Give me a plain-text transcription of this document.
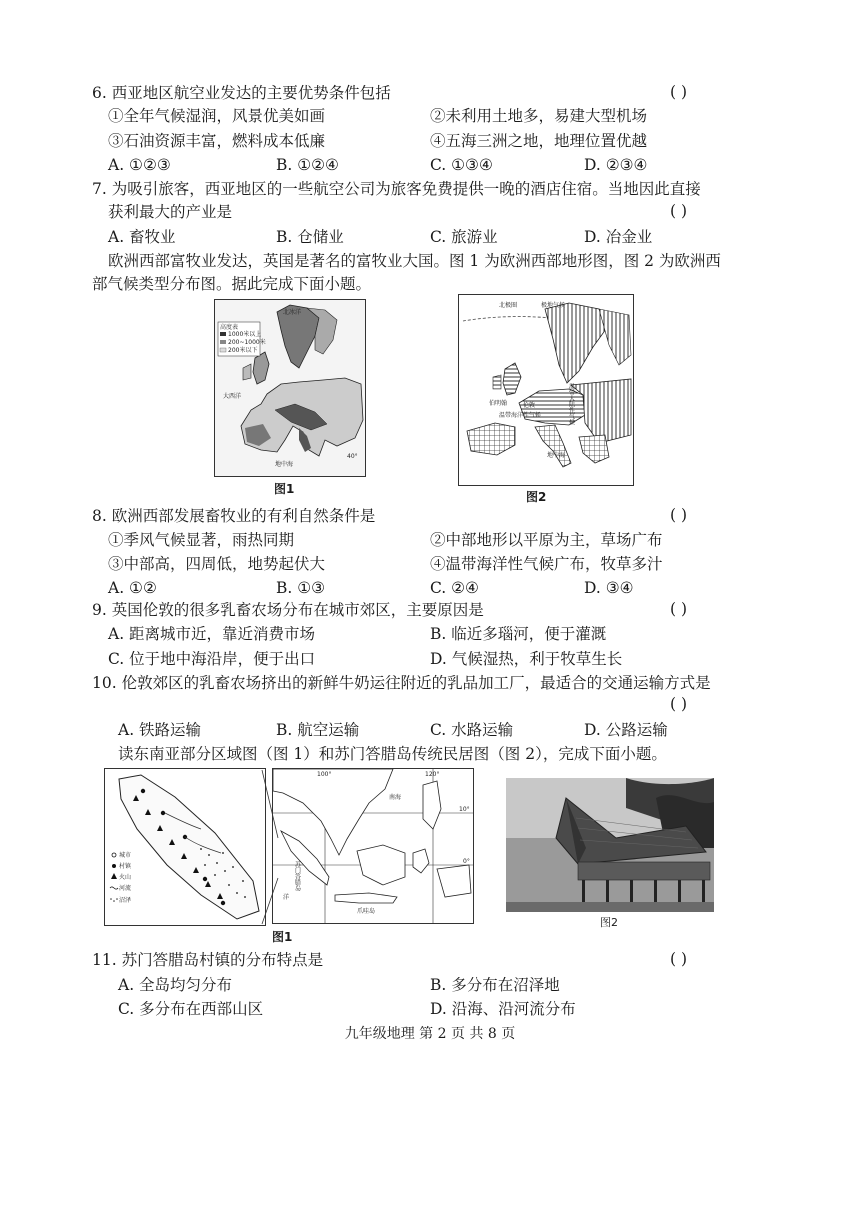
6. 西亚地区航空业发达的主要优势条件包括	( )
①全年气候湿润，风景优美如画	②未利用土地多，易建大型机场
③石油资源丰富，燃料成本低廉	④五海三洲之地，地理位置优越
A. ①②③	B. ①②④	C. ①③④	D. ②③④
7. 为吸引旅客，西亚地区的一些航空公司为旅客免费提供一晚的酒店住宿。当地因此直接
获利最大的产业是	( )
A. 畜牧业	B. 仓储业	C. 旅游业	D. 冶金业
欧洲西部富牧业发达，英国是著名的富牧业大国。图 1 为欧洲西部地形图，图 2 为欧洲西
部气候类型分布图。据此完成下面小题。
高度表
1000米以上
200~1000米
200米以下
北冰洋
大西洋
地中海
40°
图1
北极圈	极地气候
伯明翰	伦敦
温带海洋性气候	温带大陆性气候
地中海
图2
8. 欧洲西部发展畜牧业的有利自然条件是	( )
①季风气候显著，雨热同期	②中部地形以平原为主，草场广布
③中部高，四周低，地势起伏大	④温带海洋性气候广布，牧草多汁
A. ①②	B. ①③	C. ②④	D. ③④
9. 英国伦敦的很多乳畜农场分布在城市郊区，主要原因是	( )
A. 距离城市近，靠近消费市场	B. 临近多瑙河，便于灌溉
C. 位于地中海沿岸，便于出口	D. 气候湿热，利于牧草生长
10. 伦敦郊区的乳畜农场挤出的新鲜牛奶运往附近的乳品加工厂，最适合的交通运输方式是
( )
A. 铁路运输	B. 航空运输	C. 水路运输	D. 公路运输
读东南亚部分区域图（图 1）和苏门答腊岛传统民居图（图 2），完成下面小题。
城市
村镇
火山
河流
沼泽
100°	120°
10°
0°
南海
苏门答腊岛
洋
爪哇岛
图1
图2
11. 苏门答腊岛村镇的分布特点是	( )
A. 全岛均匀分布	B. 多分布在沼泽地
C. 多分布在西部山区	D. 沿海、沿河流分布
九年级地理 第 2 页 共 8 页
